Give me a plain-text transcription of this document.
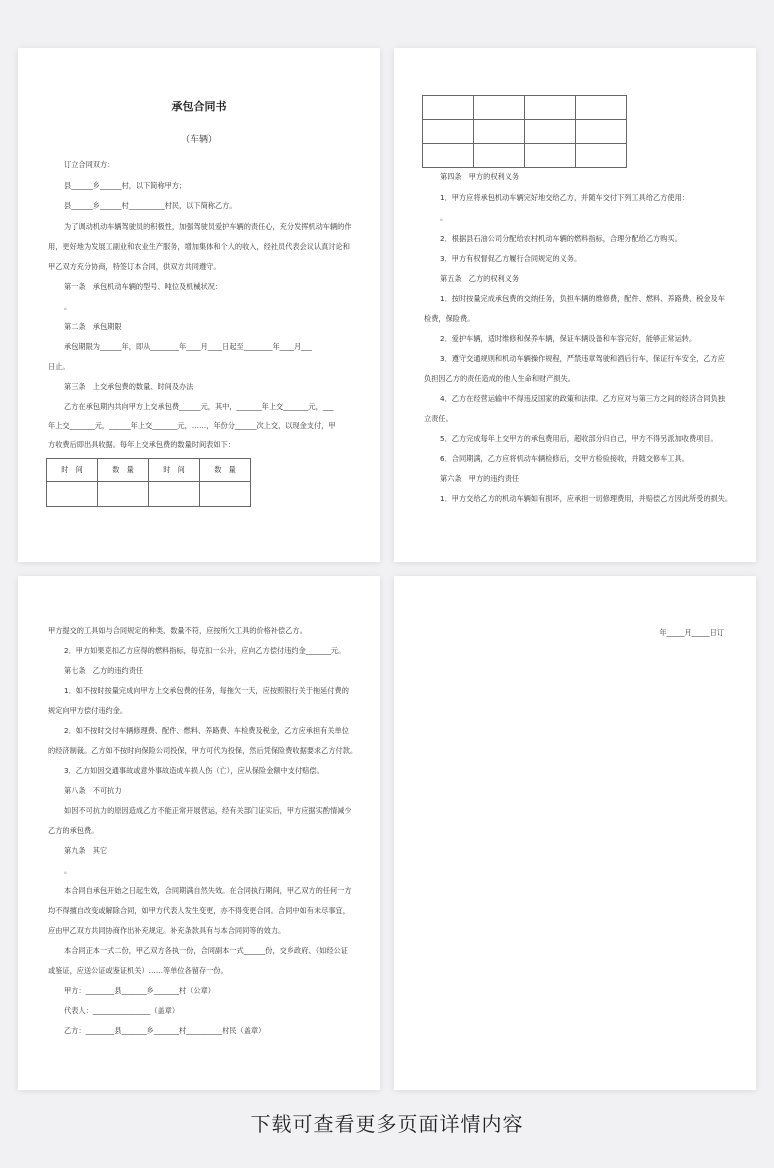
承包合同书
（车辆）
订立合同双方：
县______乡______村，以下简称甲方；
县______乡______村__________村民，以下简称乙方。
为了调动机动车辆驾驶员的积极性，加强驾驶员爱护车辆的责任心，充分发挥机动车辆的作
用，更好地为发展工副业和农业生产服务，增加集体和个人的收入，经社员代表会议认真讨论和
甲乙双方充分协商，特签订本合同，供双方共同遵守。
第一条　承包机动车辆的型号、吨位及机械状况：
。
第二条　承包期限
承包期限为______年，即从________年____月____日起至________年____月___
日止。
第三条　上交承包费的数量、时间及办法
乙方在承包期内共向甲方上交承包费______元，其中，_______年上交_______元，___
年上交_______元，______年上交_______元，……，年份分______次上交，以现金支付，甲
方收费后即出具收据。每年上交承包费的数量时间表如下：
时　间	数　量	时　间	数　量

第四条　甲方的权利义务
1．甲方应将承包机动车辆完好地交给乙方，并随车交付下列工具给乙方使用：
。
2．根据县石油公司分配给农村机动车辆的燃料指标，合理分配给乙方购买。
3．甲方有权督促乙方履行合同规定的义务。
第五条　乙方的权利义务
1．按时按量完成承包费的交纳任务，负担车辆的维修费，配件、燃料、养路费、税金及车
检费，保险费。
2．爱护车辆，适时维修和保养车辆，保证车辆设备和车容完好，能够正常运转。
3．遵守交通规则和机动车辆操作规程，严禁违章驾驶和酒后行车，保证行车安全，乙方应
负担因乙方的责任造成的他人生命和财产损失。
4．乙方在经营运输中不得违反国家的政策和法律。乙方应对与第三方之间的经济合同负独
立责任。
5．乙方完成每年上交甲方的承包费用后，超收部分归自己，甲方不得另派加收费项目。
6．合同期满，乙方应将机动车辆检修后，交甲方检验接收，并随交修车工具。
第六条　甲方的违约责任
1．甲方交给乙方的机动车辆如有损坏，应承担一切修理费用，并赔偿乙方因此所受的损失。
甲方提交的工具如与合同规定的种类、数量不符，应按所欠工具的价格补偿乙方。
2．甲方如果克扣乙方应得的燃料指标，每克扣一公升，应向乙方偿付违约金_______元。
第七条　乙方的违约责任
1．如不按时按量完成向甲方上交承包费的任务，每拖欠一天，应按照银行关于拖延付费的
规定向甲方偿付违约金。
2．如不按时交付车辆修理费、配件、燃料、养路费、车检费及税金，乙方应承担有关单位
的经济制裁。乙方如不按时向保险公司投保，甲方可代为投保，然后凭保险费收据要求乙方付款。
3．乙方如因交通事故或意外事故造成车损人伤（亡），应从保险金额中支付赔偿。
第八条　不可抗力
如因不可抗力的原因造成乙方不能正常开展营运，经有关部门证实后，甲方应据实酌情减少
乙方的承包费。
第九条　其它
。
本合同自承包开始之日起生效，合同期满自然失效。在合同执行期间，甲乙双方的任何一方
均不得擅自改变或解除合同，如甲方代表人发生变更，亦不得变更合同。合同中如有未尽事宜，
应由甲乙双方共同协商作出补充规定。补充条款具有与本合同同等的效力。
本合同正本一式二份，甲乙双方各执一份，合同副本一式______份，交乡政府、（如经公证
或鉴证，应送公证或鉴证机关）……等单位各留存一份。
甲方：________县_______乡_______村（公章）
代表人：________________（盖章）
乙方：________县_______乡_______村__________村民（盖章）
年_____月_____日订
下载可查看更多页面详情内容
